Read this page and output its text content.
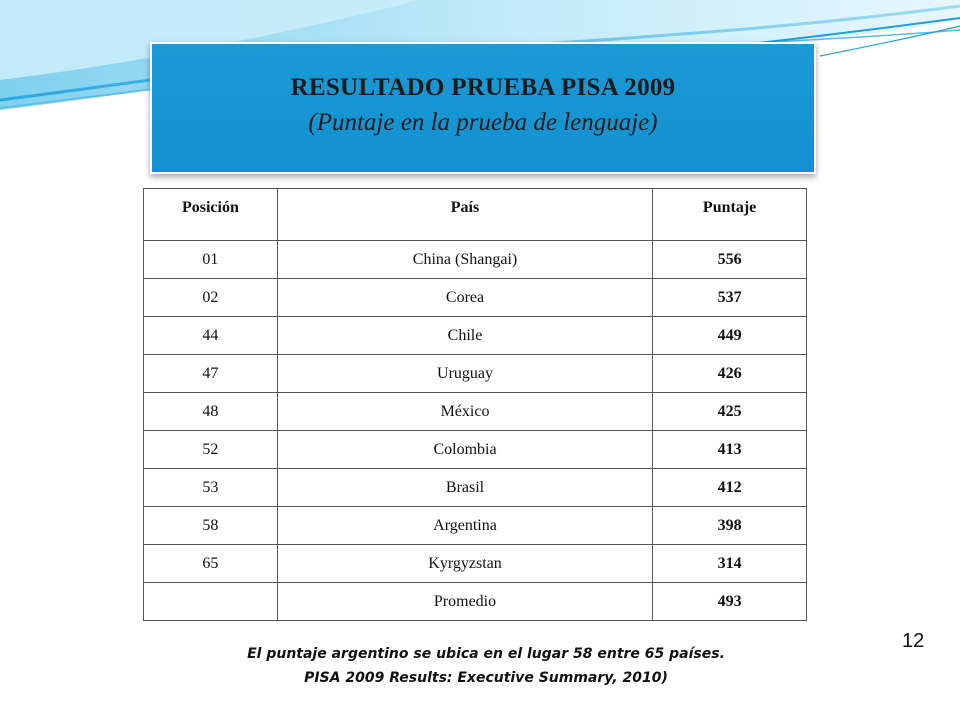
RESULTADO PRUEBA PISA 2009
(Puntaje en la prueba de lenguaje)
Posición	País	Puntaje
01	China (Shangai)	556
02	Corea	537
44	Chile	449
47	Uruguay	426
48	México	425
52	Colombia	413
53	Brasil	412
58	Argentina	398
65	Kyrgyzstan	314
	Promedio	493
El puntaje argentino se ubica en el lugar 58 entre 65 países.
PISA 2009 Results: Executive Summary, 2010)
12
